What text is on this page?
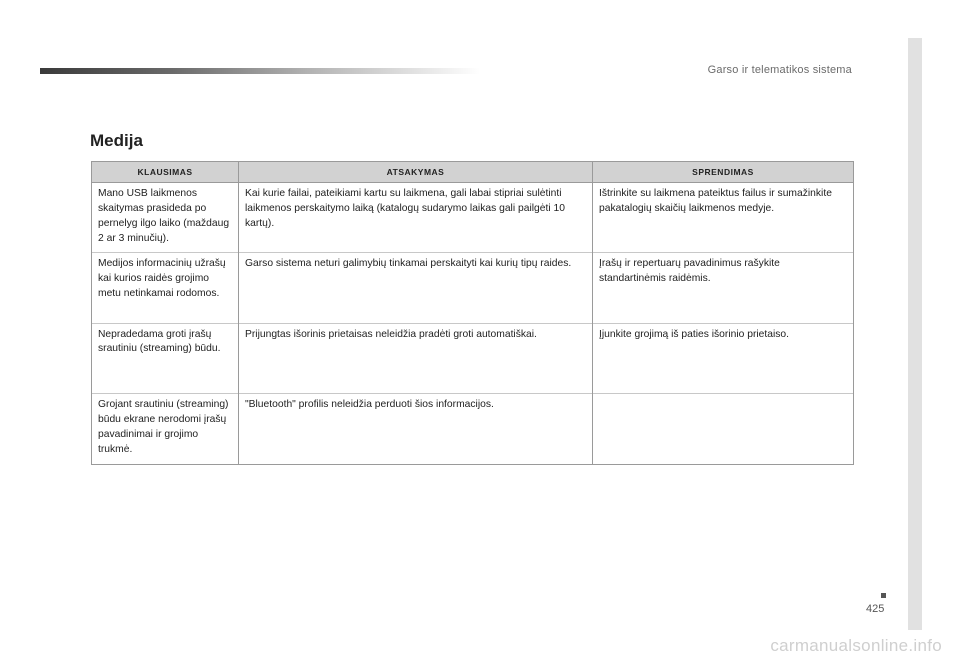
Garso ir telematikos sistema
425
Medija
KLAUSIMAS	ATSAKYMAS	SPRENDIMAS
Mano USB laikmenos skaitymas prasideda po pernelyg ilgo laiko (maždaug 2 ar 3 minučių).	Kai kurie failai, pateikiami kartu su laikmena, gali labai stipriai sulėtinti laikmenos perskaitymo laiką (katalogų sudarymo laikas gali pailgėti 10 kartų).	Ištrinkite su laikmena pateiktus failus ir sumažinkite pakatalogių skaičių laikmenos medyje.

Medijos informacinių užrašų kai kurios raidės grojimo metu netinkamai rodomos.	Garso sistema neturi galimybių tinkamai perskaityti kai kurių tipų raides.	Įrašų ir repertuarų pavadinimus rašykite standartinėmis raidėmis.

Nepradedama groti įrašų srautiniu (streaming) būdu.	Prijungtas išorinis prietaisas neleidžia pradėti groti automatiškai.	Įjunkite grojimą iš paties išorinio prietaiso.

Grojant srautiniu (streaming) būdu ekrane nerodomi įrašų pavadinimai ir grojimo trukmė.	"Bluetooth" profilis neleidžia perduoti šios informacijos.	
carmanualsonline.info
